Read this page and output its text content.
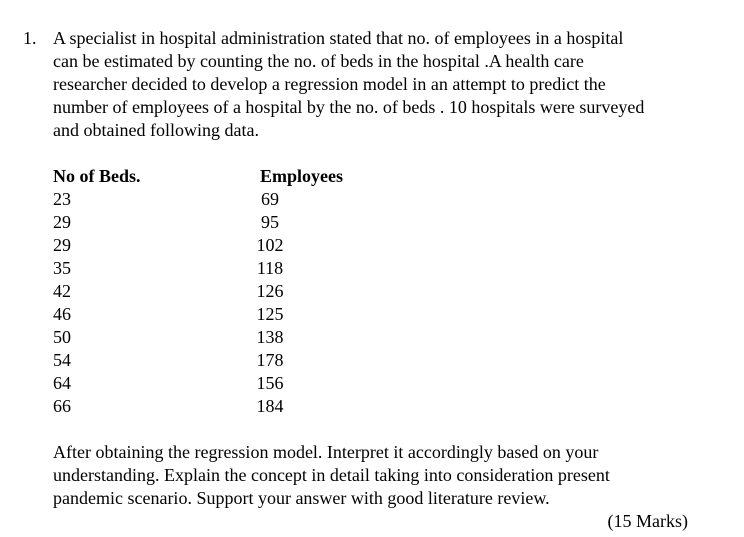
1. A specialist in hospital administration stated that no. of employees in a hospital
can be estimated by counting the no. of beds in the hospital .A health care
researcher decided to develop a regression model in an attempt to predict the
number of employees of a hospital by the no. of beds . 10 hospitals were surveyed
and obtained following data.

No of Beds.	Employees
23	69
29	95
29	102
35	118
42	126
46	125
50	138
54	178
64	156
66	184

After obtaining the regression model. Interpret it accordingly based on your
understanding. Explain the concept in detail taking into consideration present
pandemic scenario. Support your answer with good literature review.

(15 Marks)
